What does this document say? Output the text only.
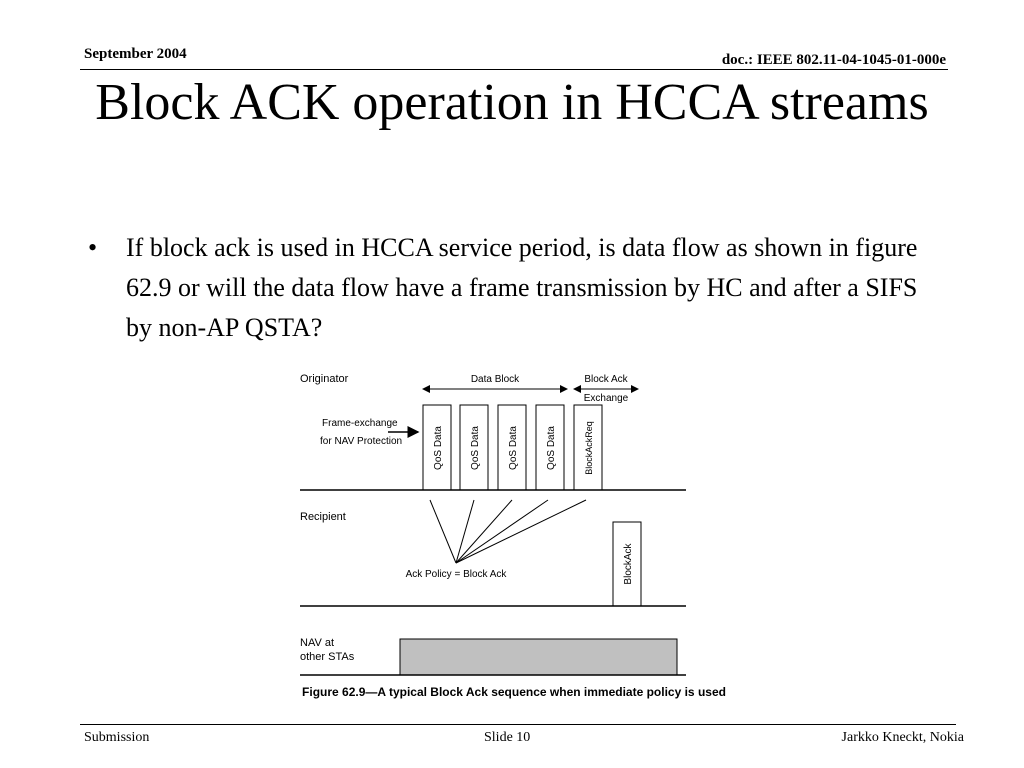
September 2004	doc.: IEEE 802.11-04-1045-01-000e
Block ACK operation in HCCA streams
• If block ack is used in HCCA service period, is data flow as shown in figure 62.9 or will the data flow have a frame transmission by HC and after a SIFS by non-AP QSTA?
Originator	Data Block	Block Ack
Exchange
Frame-exchange
for NAV Protection	QoS Data	QoS Data	QoS Data	QoS Data	BlockAckReq
Recipient
Ack Policy = Block Ack	BlockAck
NAV at
other STAs
Figure 62.9—A typical Block Ack sequence when immediate policy is used
Submission	Slide 10	Jarkko Kneckt, Nokia
